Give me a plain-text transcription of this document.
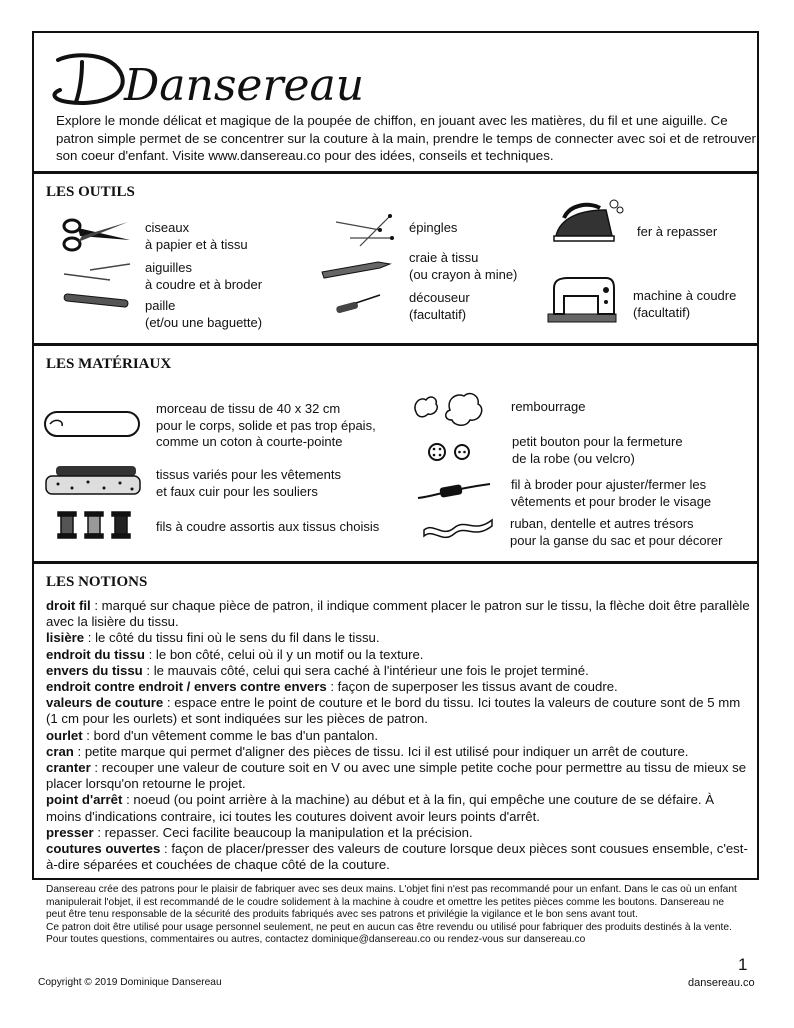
Dansereau
Explore le monde délicat et magique de la poupée de chiffon, en jouant avec les matières, du fil et une aiguille. Ce patron simple permet de se concentrer sur la couture à la main, prendre le temps de connecter avec soi et de retrouver son coeur d'enfant. Visite www.dansereau.co pour des idées, conseils et techniques.
LES OUTILS
ciseaux
à papier et à tissu
aiguilles
à coudre et à broder
paille
(et/ou une baguette)
épingles
craie à tissu
(ou crayon à mine)
découseur
(facultatif)
fer à repasser
machine à coudre
(facultatif)
LES MATÉRIAUX
morceau de tissu de 40 x 32 cm
pour le corps, solide et pas trop épais,
comme un coton à courte-pointe
tissus variés pour les vêtements
et faux cuir pour les souliers
fils à coudre assortis aux tissus choisis
rembourrage
petit bouton pour la fermeture
de la robe (ou velcro)
fil à broder pour ajuster/fermer les
vêtements et pour broder le visage
ruban, dentelle et autres trésors
pour la ganse du sac et pour décorer
LES NOTIONS

droit fil : marqué sur chaque pièce de patron, il indique comment placer le patron sur le tissu, la flèche doit être parallèle avec la lisière du tissu.

lisière : le côté du tissu fini où le sens du fil dans le tissu.

endroit du tissu : le bon côté, celui où il y un motif ou la texture.

envers du tissu : le mauvais côté, celui qui sera caché à l'intérieur une fois le projet terminé.

endroit contre endroit / envers contre envers : façon de superposer les tissus avant de coudre.

valeurs de couture : espace entre le point de couture et le bord du tissu. Ici toutes la valeurs de couture sont de 5 mm (1 cm pour les ourlets) et sont indiquées sur les pièces de patron.

ourlet : bord d'un vêtement comme le bas d'un pantalon.

cran : petite marque qui permet d'aligner des pièces de tissu. Ici il est utilisé pour indiquer un arrêt de couture.

cranter : recouper une valeur de couture soit en V ou avec une simple petite coche pour permettre au tissu de mieux se placer lorsqu'on retourne le projet.

point d'arrêt : noeud (ou point arrière à la machine) au début et à la fin, qui empêche une couture de se défaire. À moins d'indications contraire, ici toutes les coutures doivent avoir leurs points d'arrêt.

presser : repasser. Ceci facilite beaucoup la manipulation et la précision.

coutures ouvertes : façon de placer/presser des valeurs de couture lorsque deux pièces sont cousues ensemble, c'est-à-dire séparées et couchées de chaque côté de la couture.

Dansereau crée des patrons pour le plaisir de fabriquer avec ses deux mains. L'objet fini n'est pas recommandé pour un enfant. Dans le cas où un enfant manipulerait l'objet, il est recommandé de le coudre solidement à la machine à coudre et omettre les petites pièces comme les boutons. Dansereau ne peut être tenu responsable de la sécurité des produits fabriqués avec ses patrons et privilégie la vigilance et le bon sens avant tout.

Ce patron doit être utilisé pour usage personnel seulement, ne peut en aucun cas être revendu ou utilisé pour fabriquer des produits destinés à la vente.

Pour toutes questions, commentaires ou autres, contactez dominique@dansereau.co ou rendez-vous sur dansereau.co

Copyright © 2019 Dominique Dansereau
1
dansereau.co
